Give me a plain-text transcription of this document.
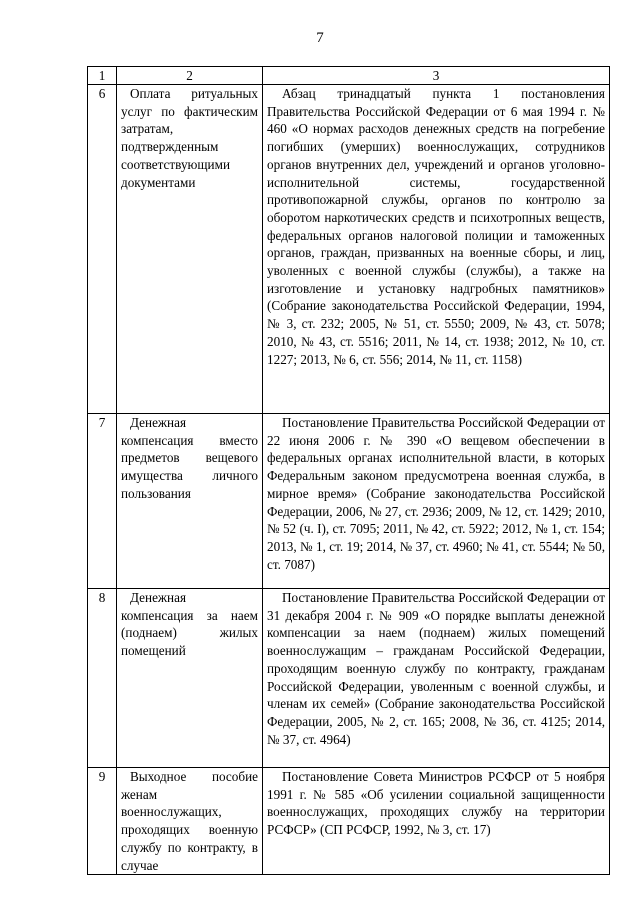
7
1	2	3
6	Оплата ритуальных услуг по фактическим затратам, подтвержденным соответствующими документами	Абзац тринадцатый пункта 1 постановления Правительства Российской Федерации от 6 мая 1994 г. № 460 «О нормах расходов денежных средств на погребение погибших (умерших) военнослужащих, сотрудников органов внутренних дел, учреждений и органов уголовно-исполнительной системы, государственной противопожарной службы, органов по контролю за оборотом наркотических средств и психотропных веществ, федеральных органов налоговой полиции и таможенных органов, граждан, призванных на военные сборы, и лиц, уволенных с военной службы (службы), а также на изготовление и установку надгробных памятников» (Собрание законодательства Российской Федерации, 1994, № 3, ст. 232; 2005, № 51, ст. 5550; 2009, № 43, ст. 5078; 2010, № 43, ст. 5516; 2011, № 14, ст. 1938; 2012, № 10, ст. 1227; 2013, № 6, ст. 556; 2014, № 11, ст. 1158)
7	Денежная компенсация вместо предметов вещевого имущества личного пользования	Постановление Правительства Российской Федерации от 22 июня 2006 г. № 390 «О вещевом обеспечении в федеральных органах исполнительной власти, в которых Федеральным законом предусмотрена военная служба, в мирное время» (Собрание законодательства Российской Федерации, 2006, № 27, ст. 2936; 2009, № 12, ст. 1429; 2010, № 52 (ч. I), ст. 7095; 2011, № 42, ст. 5922; 2012, № 1, ст. 154; 2013, № 1, ст. 19; 2014, № 37, ст. 4960; № 41, ст. 5544; № 50, ст. 7087)
8	Денежная компенсация за наем (поднаем) жилых помещений	Постановление Правительства Российской Федерации от 31 декабря 2004 г. № 909 «О порядке выплаты денежной компенсации за наем (поднаем) жилых помещений военнослужащим – гражданам Российской Федерации, проходящим военную службу по контракту, гражданам Российской Федерации, уволенным с военной службы, и членам их семей» (Собрание законодательства Российской Федерации, 2005, № 2, ст. 165; 2008, № 36, ст. 4125; 2014, № 37, ст. 4964)
9	Выходное пособие женам военнослужащих, проходящих военную службу по контракту, в случае	Постановление Совета Министров РСФСР от 5 ноября 1991 г. № 585 «Об усилении социальной защищенности военнослужащих, проходящих службу на территории РСФСР» (СП РСФСР, 1992, № 3, ст. 17)
